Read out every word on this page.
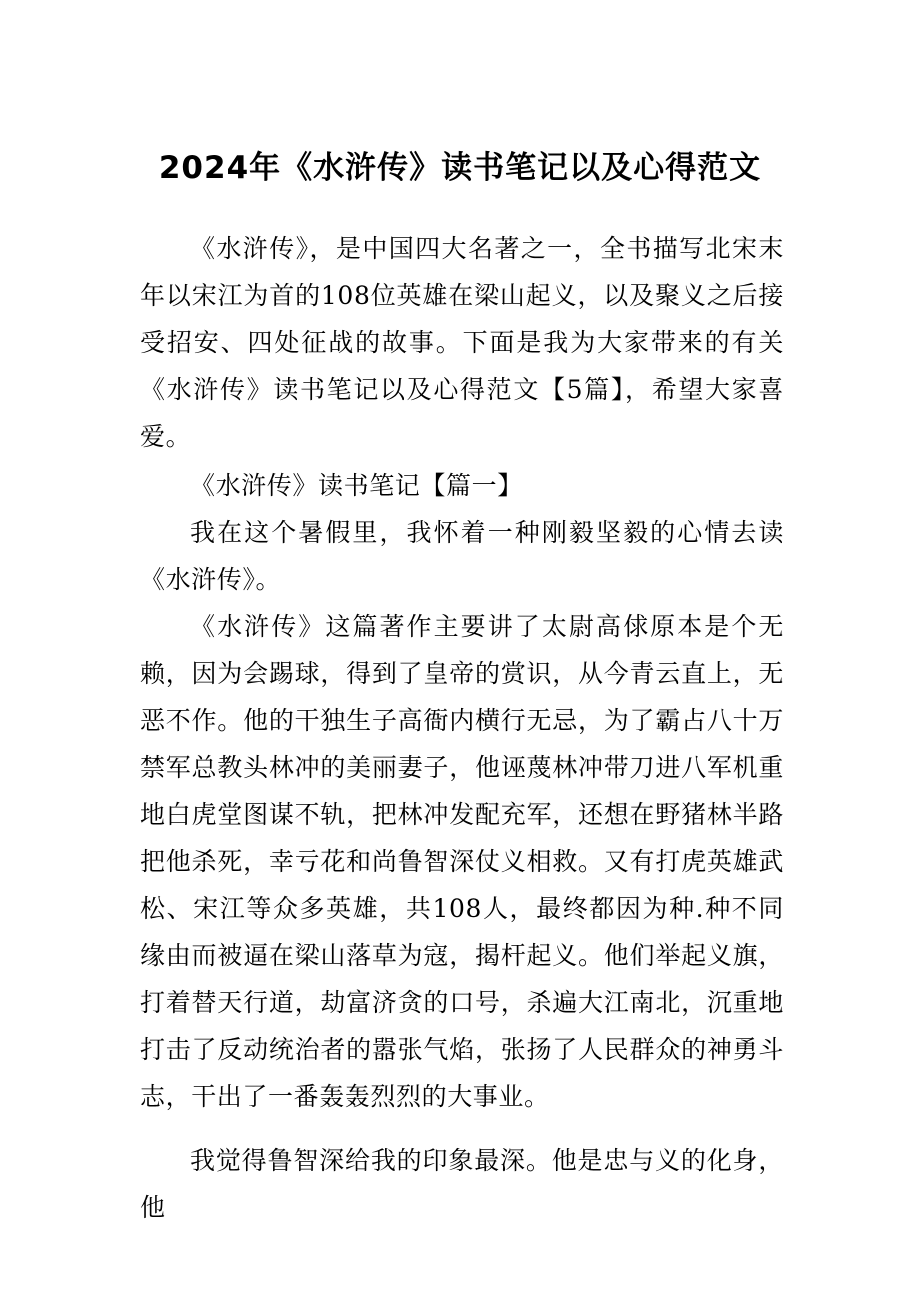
2024年《水浒传》读书笔记以及心得范文

《水浒传》，是中国四大名著之一，全书描写北宋末年以宋江为首的108位英雄在梁山起义，以及聚义之后接受招安、四处征战的故事。下面是我为大家带来的有关《水浒传》读书笔记以及心得范文【5篇】，希望大家喜爱。

《水浒传》读书笔记【篇一】

我在这个暑假里，我怀着一种刚毅坚毅的心情去读《水浒传》。

《水浒传》这篇著作主要讲了太尉高俅原本是个无赖，因为会踢球，得到了皇帝的赏识，从今青云直上，无恶不作。他的干独生子高衙内横行无忌，为了霸占八十万禁军总教头林冲的美丽妻子，他诬蔑林冲带刀进八军机重地白虎堂图谋不轨，把林冲发配充军，还想在野猪林半路把他杀死，幸亏花和尚鲁智深仗义相救。又有打虎英雄武松、宋江等众多英雄，共108人，最终都因为种.种不同缘由而被逼在梁山落草为寇，揭杆起义。他们举起义旗，打着替天行道，劫富济贪的口号，杀遍大江南北，沉重地打击了反动统治者的嚣张气焰，张扬了人民群众的神勇斗志，干出了一番轰轰烈烈的大事业。

我觉得鲁智深给我的印象最深。他是忠与义的化身，他
